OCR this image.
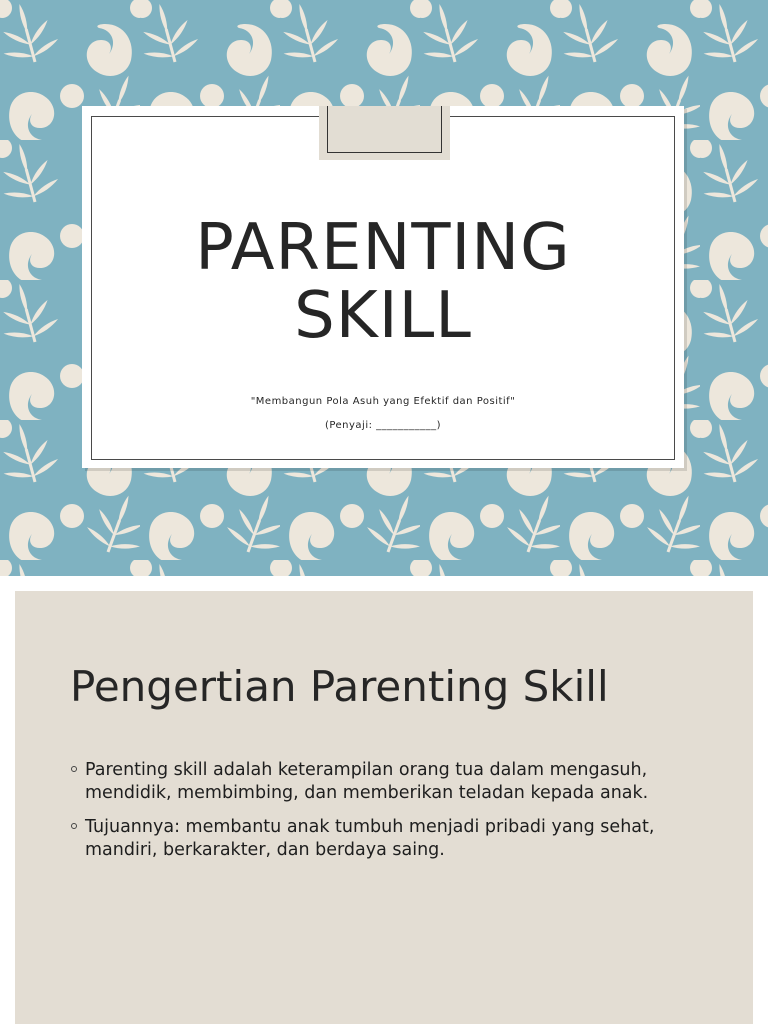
PARENTING
SKILL
"Membangun Pola Asuh yang Efektif dan Positif"
(Penyaji: ___________)
Pengertian Parenting Skill
Parenting skill adalah keterampilan orang tua dalam mengasuh, mendidik, membimbing, dan memberikan teladan kepada anak.
Tujuannya: membantu anak tumbuh menjadi pribadi yang sehat, mandiri, berkarakter, dan berdaya saing.
